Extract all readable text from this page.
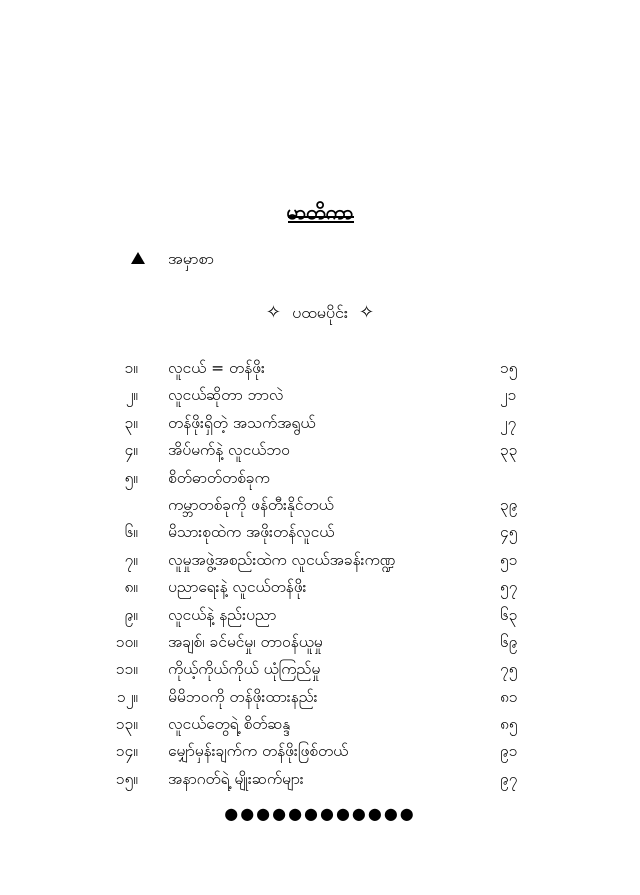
မာတိကာ
အမှာစာ
✧ ပထမပိုင်း ✧
၁။ လူငယ် = တန်ဖိုး	၁၅
၂။ လူငယ်ဆိုတာ ဘာလဲ	၂၁
၃။ တန်ဖိုးရှိတဲ့ အသက်အရွယ်	၂၇
၄။ အိပ်မက်နဲ့ လူငယ်ဘဝ	၃၃
၅။ စိတ်ဓာတ်တစ်ခုက
ကမ္ဘာတစ်ခုကို ဖန်တီးနိုင်တယ်	၃၉
၆။ မိသားစုထဲက အဖိုးတန်လူငယ်	၄၅
၇။ လူမှုအဖွဲ့အစည်းထဲက လူငယ်အခန်းကဏ္ဍ	၅၁
၈။ ပညာရေးနဲ့ လူငယ်တန်ဖိုး	၅၇
၉။ လူငယ်နဲ့ နည်းပညာ	၆၃
၁၀။ အချစ်၊ ခင်မင်မှု၊ တာဝန်ယူမှု	၆၉
၁၁။ ကိုယ့်ကိုယ်ကိုယ် ယုံကြည်မှု	၇၅
၁၂။ မိမိဘဝကို တန်ဖိုးထားနည်း	၈၁
၁၃။ လူငယ်တွေရဲ့ စိတ်ဆန္ဒ	၈၅
၁၄။ မျှော်မှန်းချက်က တန်ဖိုးဖြစ်တယ်	၉၁
၁၅။ အနာဂတ်ရဲ့ မျိုးဆက်များ	၉၇
●●●●●●●●●●●●
